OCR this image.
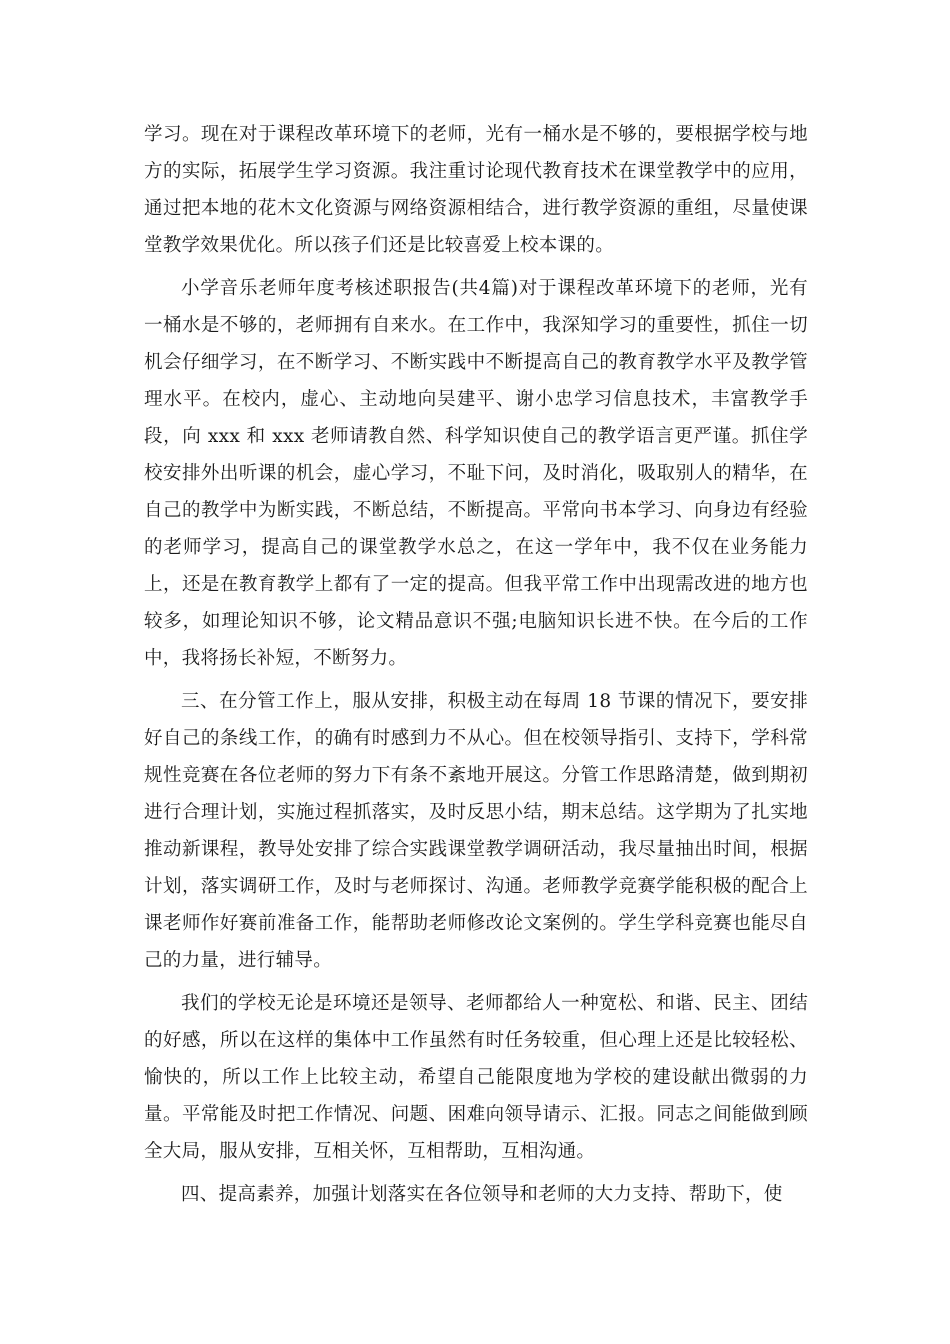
学习。现在对于课程改革环境下的老师，光有一桶水是不够的，要根据学校与地方的实际，拓展学生学习资源。我注重讨论现代教育技术在课堂教学中的应用，通过把本地的花木文化资源与网络资源相结合，进行教学资源的重组，尽量使课堂教学效果优化。所以孩子们还是比较喜爱上校本课的。

小学音乐老师年度考核述职报告(共4篇)对于课程改革环境下的老师，光有一桶水是不够的，老师拥有自来水。在工作中，我深知学习的重要性，抓住一切机会仔细学习，在不断学习、不断实践中不断提高自己的教育教学水平及教学管理水平。在校内，虚心、主动地向吴建平、谢小忠学习信息技术，丰富教学手段，向 xxx 和 xxx 老师请教自然、科学知识使自己的教学语言更严谨。抓住学校安排外出听课的机会，虚心学习，不耻下问，及时消化，吸取别人的精华，在自己的教学中为断实践，不断总结，不断提高。平常向书本学习、向身边有经验的老师学习，提高自己的课堂教学水总之，在这一学年中，我不仅在业务能力上，还是在教育教学上都有了一定的提高。但我平常工作中出现需改进的地方也较多，如理论知识不够，论文精品意识不强;电脑知识长进不快。在今后的工作中，我将扬长补短，不断努力。

三、在分管工作上，服从安排，积极主动在每周 18 节课的情况下，要安排好自己的条线工作，的确有时感到力不从心。但在校领导指引、支持下，学科常规性竞赛在各位老师的努力下有条不紊地开展这。分管工作思路清楚，做到期初进行合理计划，实施过程抓落实，及时反思小结，期末总结。这学期为了扎实地推动新课程，教导处安排了综合实践课堂教学调研活动，我尽量抽出时间，根据计划，落实调研工作，及时与老师探讨、沟通。老师教学竞赛学能积极的配合上课老师作好赛前准备工作，能帮助老师修改论文案例的。学生学科竞赛也能尽自己的力量，进行辅导。

我们的学校无论是环境还是领导、老师都给人一种宽松、和谐、民主、团结的好感，所以在这样的集体中工作虽然有时任务较重，但心理上还是比较轻松、愉快的，所以工作上比较主动，希望自己能限度地为学校的建设献出微弱的力量。平常能及时把工作情况、问题、困难向领导请示、汇报。同志之间能做到顾全大局，服从安排，互相关怀，互相帮助，互相沟通。

四、提高素养，加强计划落实在各位领导和老师的大力支持、帮助下，使
